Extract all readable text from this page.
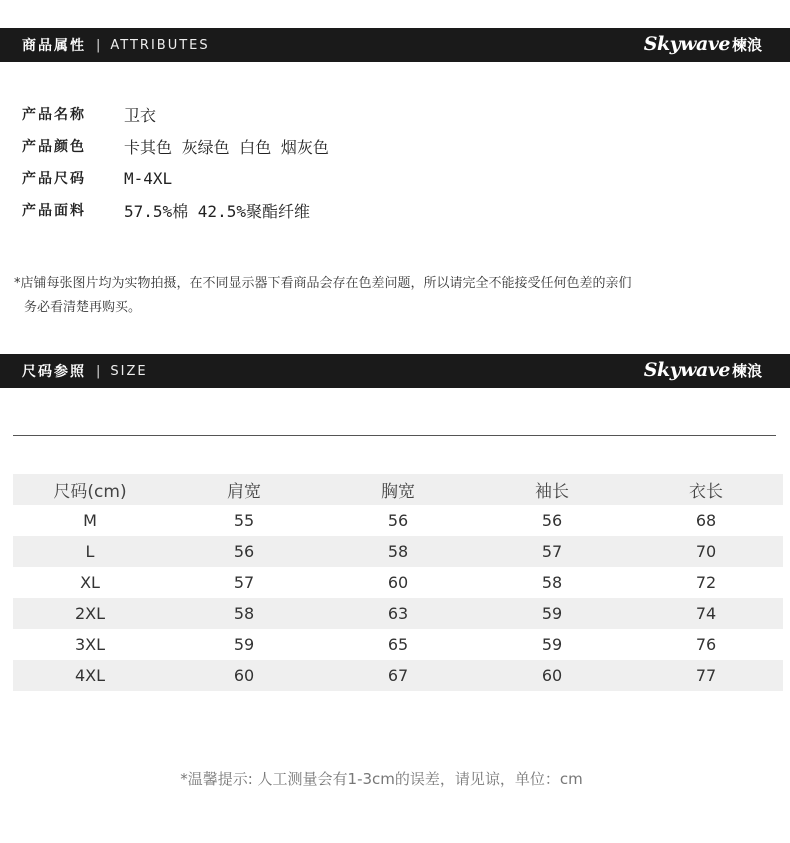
商品属性 | ATTRIBUTES	Skywave 楝浪
产品名称	卫衣
产品颜色	卡其色 灰绿色 白色 烟灰色
产品尺码	M-4XL
产品面料	57.5%棉 42.5%聚酯纤维
*店铺每张图片均为实物拍摄，在不同显示器下看商品会存在色差问题，所以请完全不能接受任何色差的亲们
务必看清楚再购买。
尺码参照 | SIZE	Skywave 楝浪
尺码(cm)	肩宽	胸宽	袖长	衣长
M	55	56	56	68
L	56	58	57	70
XL	57	60	58	72
2XL	58	63	59	74
3XL	59	65	59	76
4XL	60	67	60	77
*温馨提示: 人工测量会有1-3cm的误差，请见谅，单位：cm
